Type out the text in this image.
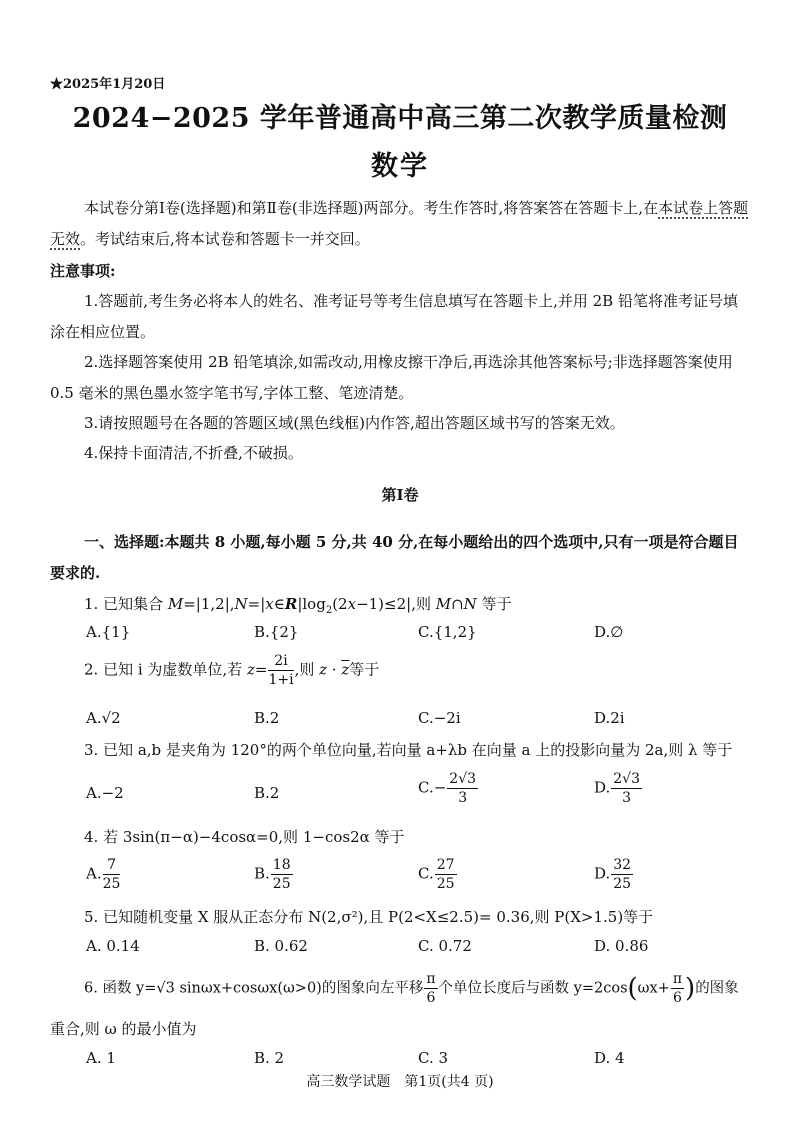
★2025年1月20日
2024−2025 学年普通高中高三第二次教学质量检测
数学
本试卷分第Ⅰ卷(选择题)和第Ⅱ卷(非选择题)两部分。考生作答时,将答案答在答题卡上,在本试卷上答题无效。考试结束后,将本试卷和答题卡一并交回。
注意事项:
1.答题前,考生务必将本人的姓名、准考证号等考生信息填写在答题卡上,并用 2B 铅笔将准考证号填涂在相应位置。
2.选择题答案使用 2B 铅笔填涂,如需改动,用橡皮擦干净后,再选涂其他答案标号;非选择题答案使用 0.5 毫米的黑色墨水签字笔书写,字体工整、笔迹清楚。
3.请按照题号在各题的答题区域(黑色线框)内作答,超出答题区域书写的答案无效。
4.保持卡面清洁,不折叠,不破损。
第Ⅰ卷
一、选择题:本题共 8 小题,每小题 5 分,共 40 分,在每小题给出的四个选项中,只有一项是符合题目要求的.
1. 已知集合 $M=|1,2|,N=|x\in R|\log_2(2x-1)\le 2|$,则 M∩N 等于
A.{1}	B.{2}	C.{1,2}	D.∅
2. 已知 i 为虚数单位,若 $z= \frac{2i}{1+i}$ ,则 $z \cdot \overline{z}$等于
A.√2	B.2	C.−2i	D.2i
3. 已知 a,b 是夹角为 120°的两个单位向量,若向量 a+λb 在向量 a 上的投影向量为 2a,则 λ 等于
A.−2	B.2	$C.- \frac{2√3}{3}$	D. $\frac{2√3}{3}$
4. 若 3sin(π−α)−4cosα=0,则 1−cos2α 等于
A. $\frac{7}{25}$	B. $\frac{18}{25}$	C. $\frac{27}{25}$	D. $\frac{32}{25}$
5. 已知随机变量 X 服从正态分布 N(2,σ²),且 P(2<X≤2.5)= 0.36,则 P(X>1.5)等于
A. 0.14	B. 0.62	C. 0.72	D. 0.86
6. 函数 y=√3 sinωx+cosωx(ω>0)的图象向左平移 $\frac{\pi}{6}$ 个单位长度后与函数 $y=2\cos(\omega x+ \frac{\pi}{6}$ )的图象
重合,则 ω 的最小值为
A. 1	B. 2	C. 3	D. 4
高三数学试题　第1页(共4 页)
